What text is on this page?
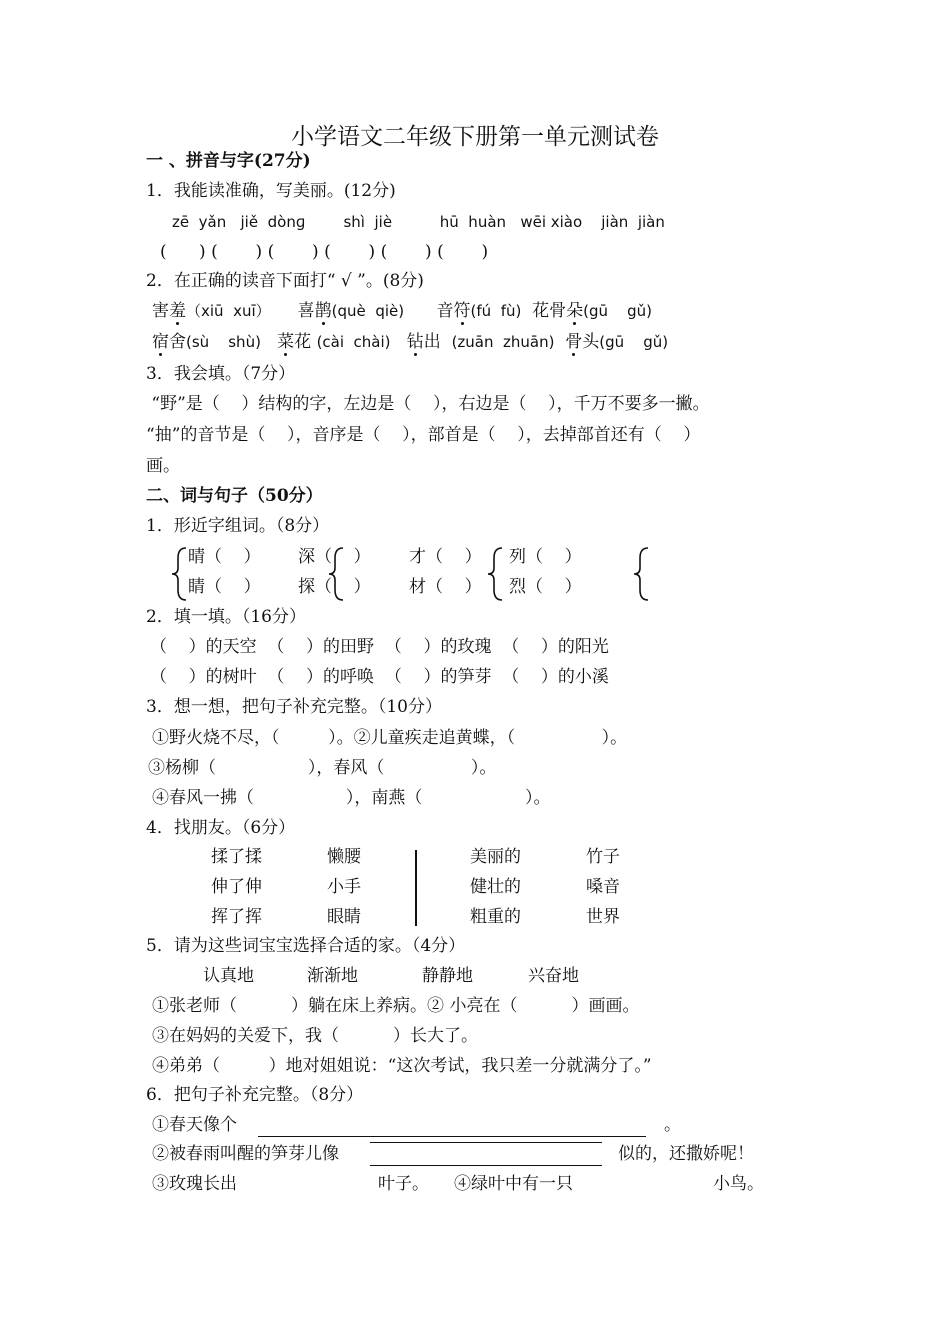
小学语文二年级下册第一单元测试卷
一 、拼音与字(27分)
1．我能读准确，写美丽。(12分)
zē  yǎn   jiě  dònɡ        shì  jiè          hū  huàn   wēi xiào    jiàn  jiàn
(      ) (       ) (       ) (       ) (       ) (       )
2．在正确的读音下面打“ √ ”。(8分)
害羞（xiū  xuī） 喜鹊(què  qiè) 音符(fú  fù) 花骨朵(gū    gǔ)
宿舍(sù    shù) 菜花 (cài  chài) 钻出 (zuān  zhuān) 骨头(gū    gǔ)
3．我会填。（7分）
“野”是（    ）结构的字，左边是（    ），右边是（    ），千万不要多一撇。
“抽”的音节是（    ），音序是（    ），部首是（    ），去掉部首还有（    ）
画。
二、词与句子（50分）
1．形近字组词。（8分）
晴（    ） 深（    ） 才（    ） 列（    ）
睛（    ） 探（    ） 材（    ） 烈（    ）
2．填一填。（16分）
（    ）的天空  （    ）的田野  （    ）的玫瑰  （    ）的阳光
（    ）的树叶  （    ）的呼唤  （    ）的笋芽  （    ）的小溪
3．想一想，把句子补充完整。（10分）
①野火烧不尽，（         ）。②儿童疾走追黄蝶，（                ）。
③杨柳（                 ），春风（                ）。
④春风一拂（                 ），南燕（                   ）。
4．找朋友。（6分）
揉了揉	懒腰
伸了伸	小手
挥了挥	眼睛
美丽的	竹子
健壮的	嗓音
粗重的	世界
5．请为这些词宝宝选择合适的家。（4分）
认真地	渐渐地	静静地	兴奋地
①张老师（          ）躺在床上养病。② 小亮在（          ）画画。
③在妈妈的关爱下，我（          ）长大了。
④弟弟（         ）地对姐姐说：“这次考试，我只差一分就满分了。”
6．把句子补充完整。（8分）
①春天像个	。
②被春雨叫醒的笋芽儿像	似的，还撒娇呢！
③玫瑰长出	叶子。 ④绿叶中有一只	小鸟。
